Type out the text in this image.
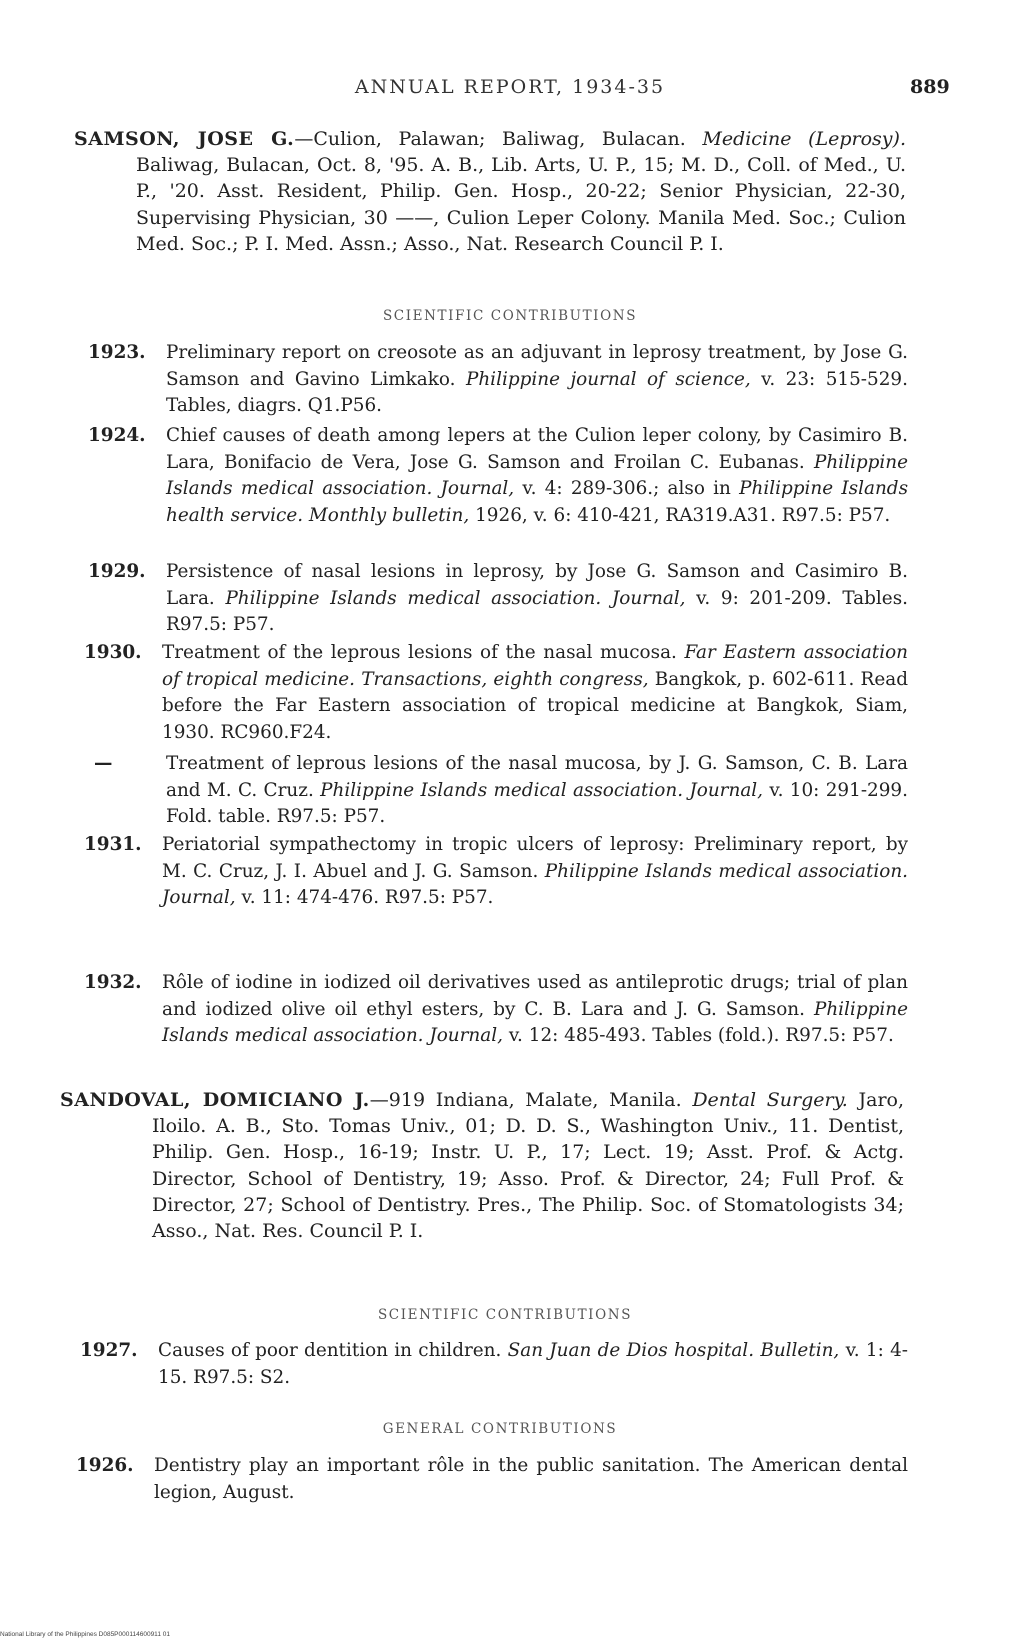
ANNUAL REPORT, 1934-35	889
SAMSON, JOSE G.—Culion, Palawan; Baliwag, Bulacan. Medicine (Leprosy). Baliwag, Bulacan, Oct. 8, '95. A. B., Lib. Arts, U. P., 15; M. D., Coll. of Med., U. P., '20. Asst. Resident, Philip. Gen. Hosp., 20-22; Senior Physician, 22-30, Supervising Physician, 30 ——, Culion Leper Colony. Manila Med. Soc.; Culion Med. Soc.; P. I. Med. Assn.; Asso., Nat. Research Council P. I.
SCIENTIFIC CONTRIBUTIONS
1923.	Preliminary report on creosote as an adjuvant in leprosy treatment, by Jose G. Samson and Gavino Limkako. Philippine journal of science, v. 23: 515-529. Tables, diagrs. Q1.P56.
1924.	Chief causes of death among lepers at the Culion leper colony, by Casimiro B. Lara, Bonifacio de Vera, Jose G. Samson and Froilan C. Eubanas. Philippine Islands medical association. Journal, v. 4: 289-306.; also in Philippine Islands health service. Monthly bulletin, 1926, v. 6: 410-421, RA319.A31. R97.5: P57.
1929.	Persistence of nasal lesions in leprosy, by Jose G. Samson and Casimiro B. Lara. Philippine Islands medical association. Journal, v. 9: 201-209. Tables. R97.5: P57.
1930.	Treatment of the leprous lesions of the nasal mucosa. Far Eastern association of tropical medicine. Transactions, eighth congress, Bangkok, p. 602-611. Read before the Far Eastern association of tropical medicine at Bangkok, Siam, 1930. RC960.F24.
—	Treatment of leprous lesions of the nasal mucosa, by J. G. Samson, C. B. Lara and M. C. Cruz. Philippine Islands medical association. Journal, v. 10: 291-299. Fold. table. R97.5: P57.
1931.	Periatorial sympathectomy in tropic ulcers of leprosy: Preliminary report, by M. C. Cruz, J. I. Abuel and J. G. Samson. Philippine Islands medical association. Journal, v. 11: 474-476. R97.5: P57.
1932.	Rôle of iodine in iodized oil derivatives used as antileprotic drugs; trial of plan and iodized olive oil ethyl esters, by C. B. Lara and J. G. Samson. Philippine Islands medical association. Journal, v. 12: 485-493. Tables (fold.). R97.5: P57.
SANDOVAL, DOMICIANO J.—919 Indiana, Malate, Manila. Dental Surgery. Jaro, Iloilo. A. B., Sto. Tomas Univ., 01; D. D. S., Washington Univ., 11. Dentist, Philip. Gen. Hosp., 16-19; Instr. U. P., 17; Lect. 19; Asst. Prof. & Actg. Director, School of Dentistry, 19; Asso. Prof. & Director, 24; Full Prof. & Director, 27; School of Dentistry. Pres., The Philip. Soc. of Stomatologists 34; Asso., Nat. Res. Council P. I.
SCIENTIFIC CONTRIBUTIONS
1927.	Causes of poor dentition in children. San Juan de Dios hospital. Bulletin, v. 1: 4-15. R97.5: S2.
GENERAL CONTRIBUTIONS
1926.	Dentistry play an important rôle in the public sanitation. The American dental legion, August.
National Library of the Philippines D085P000114600911 01
